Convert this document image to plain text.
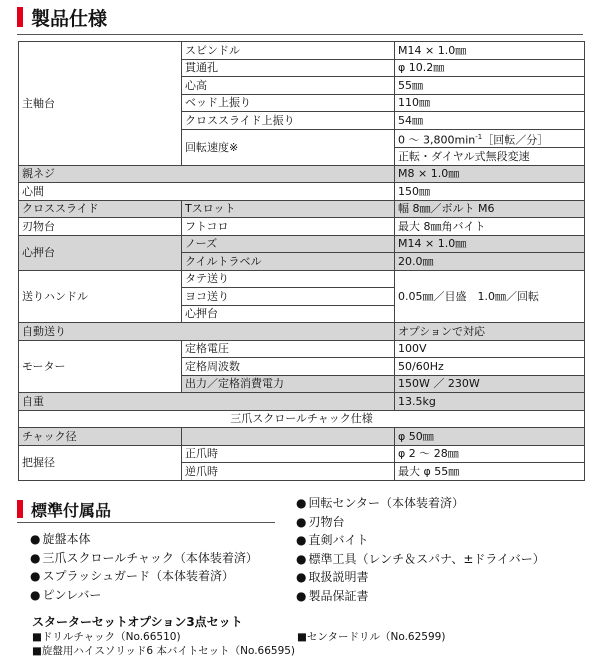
製品仕様
主軸台	スピンドル	M14 × 1.0㎜
	貫通孔	φ 10.2㎜
	心高	55㎜
	ベッド上振り	110㎜
	クロススライド上振り	54㎜
	回転速度※	0 ～ $3,800\min^{-1}[$回転／分］
		正転・ダイヤル式無段変速
親ネジ		M8 × 1.0㎜
心間		150㎜
クロススライド	Tスロット	幅 8㎜／ボルト M6
刃物台	フトコロ	最大 8㎜角バイト
心押台	ノーズ	M14 × 1.0㎜
	クイルトラベル	20.0㎜
送りハンドル	タテ送り	0.05㎜／目盛　1.0㎜／回転
	ヨコ送り	
	心押台	
自動送り		オプションで対応
モーター	定格電圧	100V
	定格周波数	50/60Hz
	出力／定格消費電力	150W ／ 230W
自重		13.5kg
三爪スクロールチャック仕様		
チャック径		φ 50㎜
把握径	正爪時	φ 2 ～ 28㎜
	逆爪時	最大 φ 55㎜
標準付属品
● 旋盤本体
● 三爪スクロールチャック（本体装着済）
● スプラッシュガード（本体装着済）
● ピンレバー
● 回転センター（本体装着済）
● 刃物台
● 直剣バイト
● 標準工具（レンチ＆スパナ、±ドライバー）
● 取扱説明書
● 製品保証書
スターターセットオプション3点セット
■ドリルチャック（No.66510)	■センタードリル（No.62599)
■旋盤用ハイスソリッド6 本バイトセット（No.66595)
